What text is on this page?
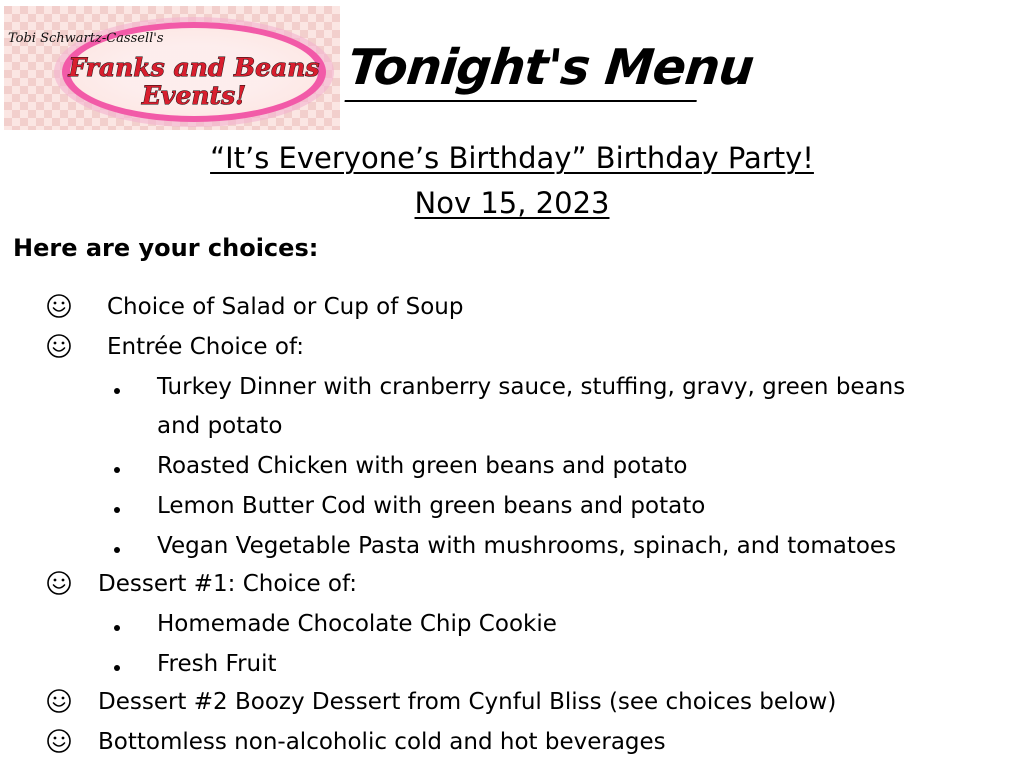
Tobi Schwartz-Cassell's
Franks and Beans
Events! Tonight's Menu
“It’s Everyone’s Birthday” Birthday Party!
Nov 15, 2023
Here are your choices:
Choice of Salad or Cup of Soup
Entrée Choice of:
Turkey Dinner with cranberry sauce, stuffing, gravy, green beans
and potato
Roasted Chicken with green beans and potato
Lemon Butter Cod with green beans and potato
Vegan Vegetable Pasta with mushrooms, spinach, and tomatoes
Dessert #1: Choice of:
Homemade Chocolate Chip Cookie
Fresh Fruit
Dessert #2 Boozy Dessert from Cynful Bliss (see choices below)
Bottomless non-alcoholic cold and hot beverages
